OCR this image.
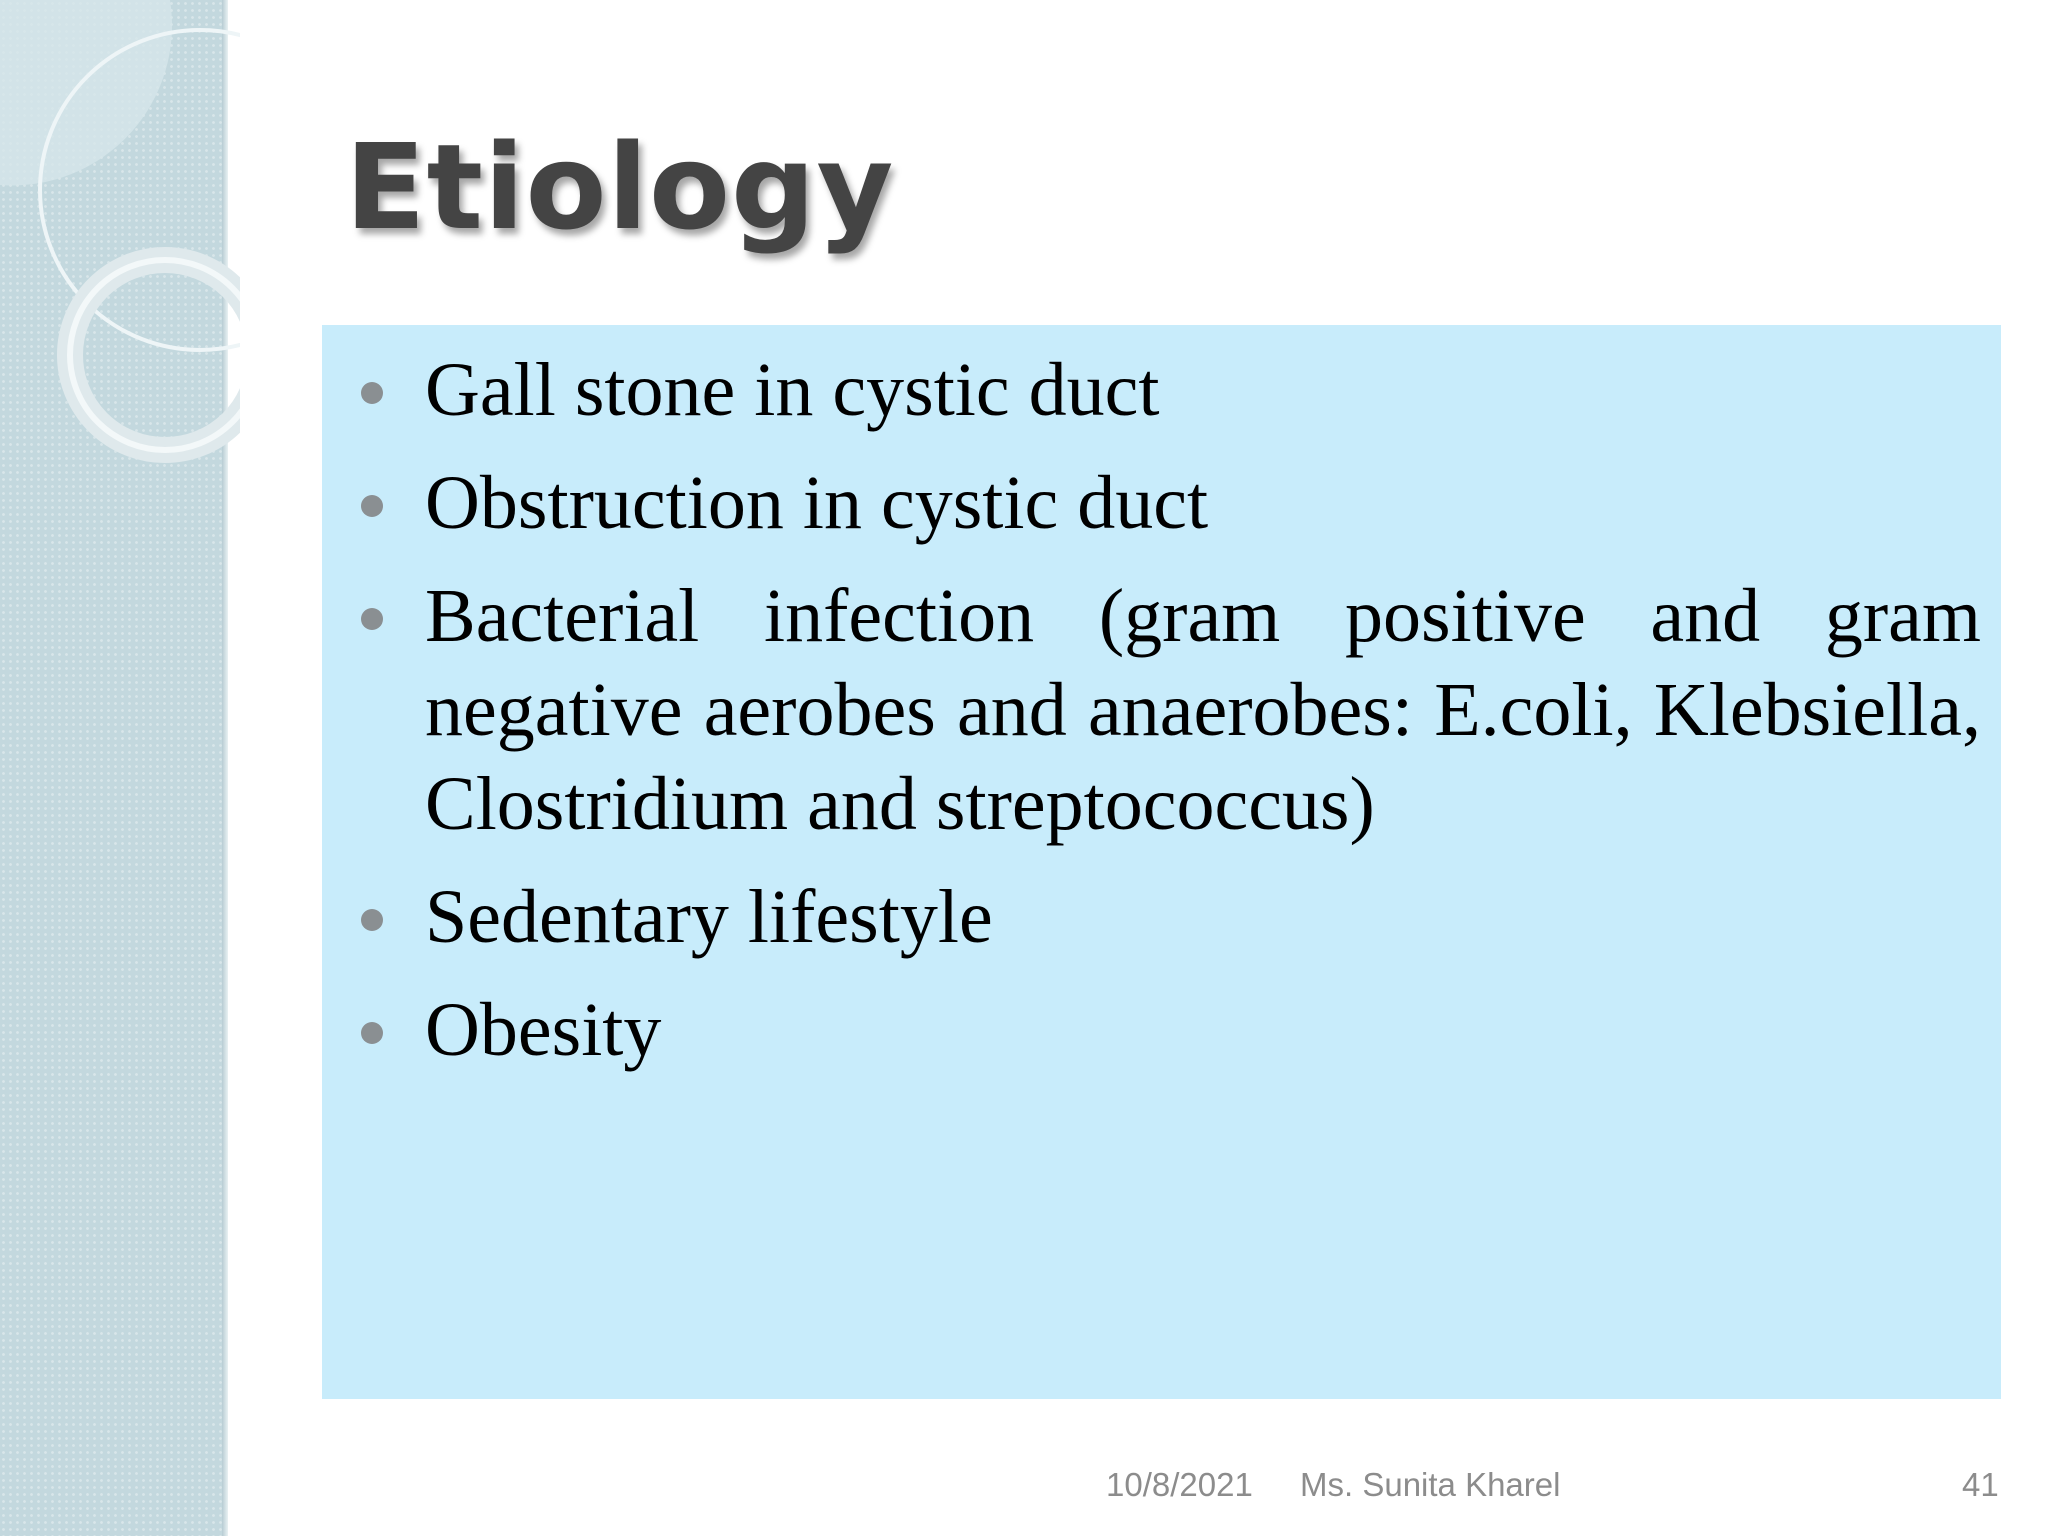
Etiology
Gall stone in cystic duct
Obstruction in cystic duct
Bacterial infection (gram positive and gram negative aerobes and anaerobes: E.coli, Klebsiella, Clostridium and streptococcus)
Sedentary lifestyle
Obesity
10/8/2021 Ms. Sunita Kharel	41
